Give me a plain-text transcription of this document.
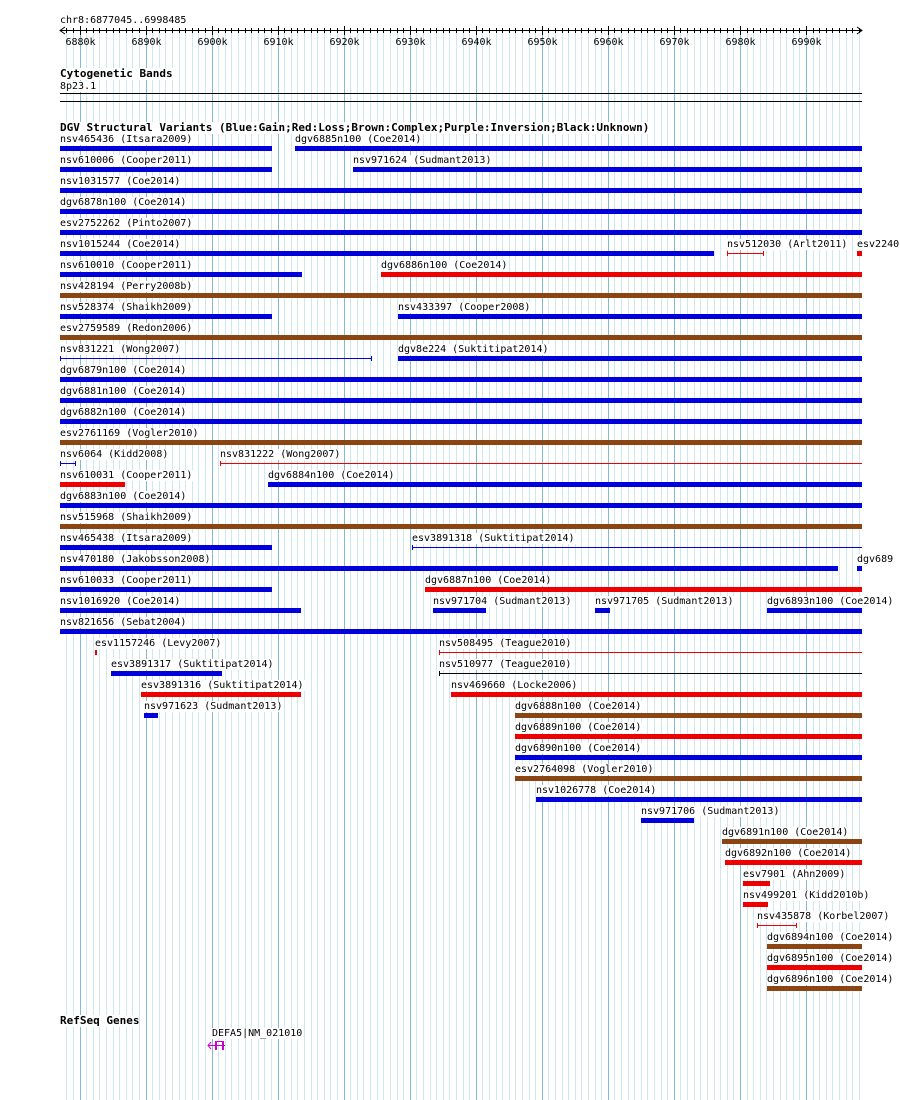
6880k	6890k	6900k	6910k	6920k	6930k	6940k	6950k	6960k	6970k	6980k	6990k
chr8:6877045..6998485
Cytogenetic Bands
8p23.1
DGV Structural Variants (Blue:Gain;Red:Loss;Brown:Complex;Purple:Inversion;Black:Unknown)
nsv465436 (Itsara2009)	dgv6885n100 (Coe2014)
nsv610006 (Cooper2011)	nsv971624 (Sudmant2013)
nsv1031577 (Coe2014)
dgv6878n100 (Coe2014)
esv2752262 (Pinto2007)
nsv1015244 (Coe2014)	nsv512030 (Arlt2011) esv2240
nsv610010 (Cooper2011)	dgv6886n100 (Coe2014)
nsv428194 (Perry2008b)
nsv528374 (Shaikh2009)	nsv433397 (Cooper2008)
esv2759589 (Redon2006)
nsv831221 (Wong2007)	dgv8e224 (Suktitipat2014)
dgv6879n100 (Coe2014)
dgv6881n100 (Coe2014)
dgv6882n100 (Coe2014)
esv2761169 (Vogler2010)
nsv6064 (Kidd2008)	nsv831222 (Wong2007)
nsv610031 (Cooper2011)	dgv6884n100 (Coe2014)
dgv6883n100 (Coe2014)
nsv515968 (Shaikh2009)
nsv465438 (Itsara2009)	esv3891318 (Suktitipat2014)
nsv470180 (Jakobsson2008)	dgv689
nsv610033 (Cooper2011)	dgv6887n100 (Coe2014)
nsv1016920 (Coe2014)	nsv971704 (Sudmant2013) nsv971705 (Sudmant2013)	dgv6893n100 (Coe2014)
nsv821656 (Sebat2004)
esv1157246 (Levy2007)	nsv508495 (Teague2010)
esv3891317 (Suktitipat2014)	nsv510977 (Teague2010)
esv3891316 (Suktitipat2014)	nsv469660 (Locke2006)
nsv971623 (Sudmant2013)	dgv6888n100 (Coe2014)
dgv6889n100 (Coe2014)
dgv6890n100 (Coe2014)
esv2764098 (Vogler2010)
nsv1026778 (Coe2014)
nsv971706 (Sudmant2013)
dgv6891n100 (Coe2014)
dgv6892n100 (Coe2014)
esv7901 (Ahn2009)
nsv499201 (Kidd2010b)
nsv435878 (Korbel2007)
dgv6894n100 (Coe2014)
dgv6895n100 (Coe2014)
dgv6896n100 (Coe2014)
RefSeq Genes
DEFA5|NM_021010
